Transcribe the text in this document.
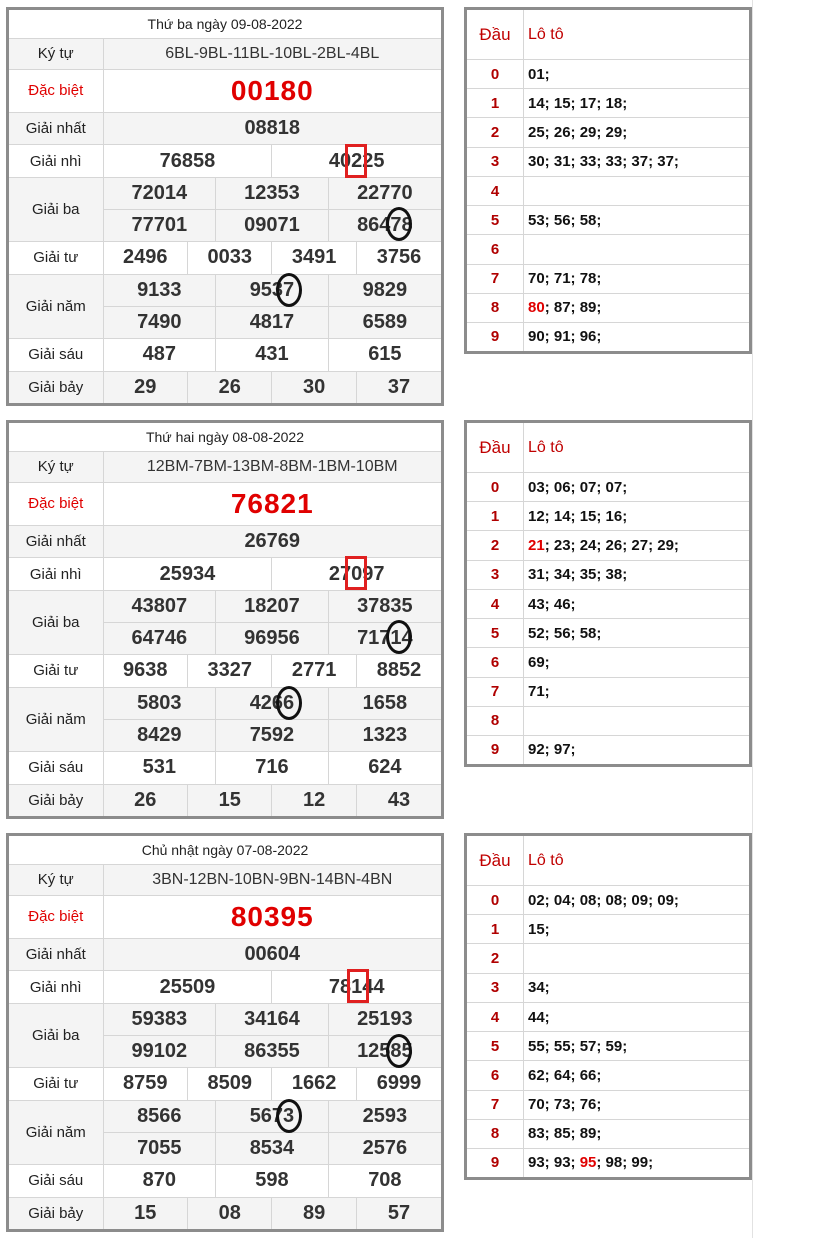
Thứ ba ngày 09-08-2022						
Ký tự	6BL-9BL-11BL-10BL-2BL-4BL					
Đặc biệt	00180					
Giải nhất	08818					
Giải nhì	76858			40225		
Giải ba	72014		12353		22770	
	77701		09071		86478	
Giải tư	2496	0033		3491		3756
Giải năm	9133		9537		9829	
	7490		4817		6589	
Giải sáu	487		431		615	
Giải bảy	29	26		30		37
Đầu	Lô tô
0	01;
1	14; 15; 17; 18;
2	25; 26; 29; 29;
3	30; 31; 33; 33; 37; 37;
4	
5	53; 56; 58;
6	
7	70; 71; 78;
8	80; 87; 89;
9	90; 91; 96;
Thứ hai ngày 08-08-2022						
Ký tự	12BM-7BM-13BM-8BM-1BM-10BM					
Đặc biệt	76821					
Giải nhất	26769					
Giải nhì	25934			27097		
Giải ba	43807		18207		37835	
	64746		96956		71714	
Giải tư	9638	3327		2771		8852
Giải năm	5803		4266		1658	
	8429		7592		1323	
Giải sáu	531		716		624	
Giải bảy	26	15		12		43
Đầu	Lô tô
0	03; 06; 07; 07;
1	12; 14; 15; 16;
2	21; 23; 24; 26; 27; 29;
3	31; 34; 35; 38;
4	43; 46;
5	52; 56; 58;
6	69;
7	71;
8	
9	92; 97;
Chủ nhật ngày 07-08-2022						
Ký tự	3BN-12BN-10BN-9BN-14BN-4BN					
Đặc biệt	80395					
Giải nhất	00604					
Giải nhì	25509			78144		
Giải ba	59383		34164		25193	
	99102		86355		12585	
Giải tư	8759	8509		1662		6999
Giải năm	8566		5673		2593	
	7055		8534		2576	
Giải sáu	870		598		708	
Giải bảy	15	08		89		57
Đầu	Lô tô
0	02; 04; 08; 08; 09; 09;
1	15;
2	
3	34;
4	44;
5	55; 55; 57; 59;
6	62; 64; 66;
7	70; 73; 76;
8	83; 85; 89;
9	93; 93; 95; 98; 99;
